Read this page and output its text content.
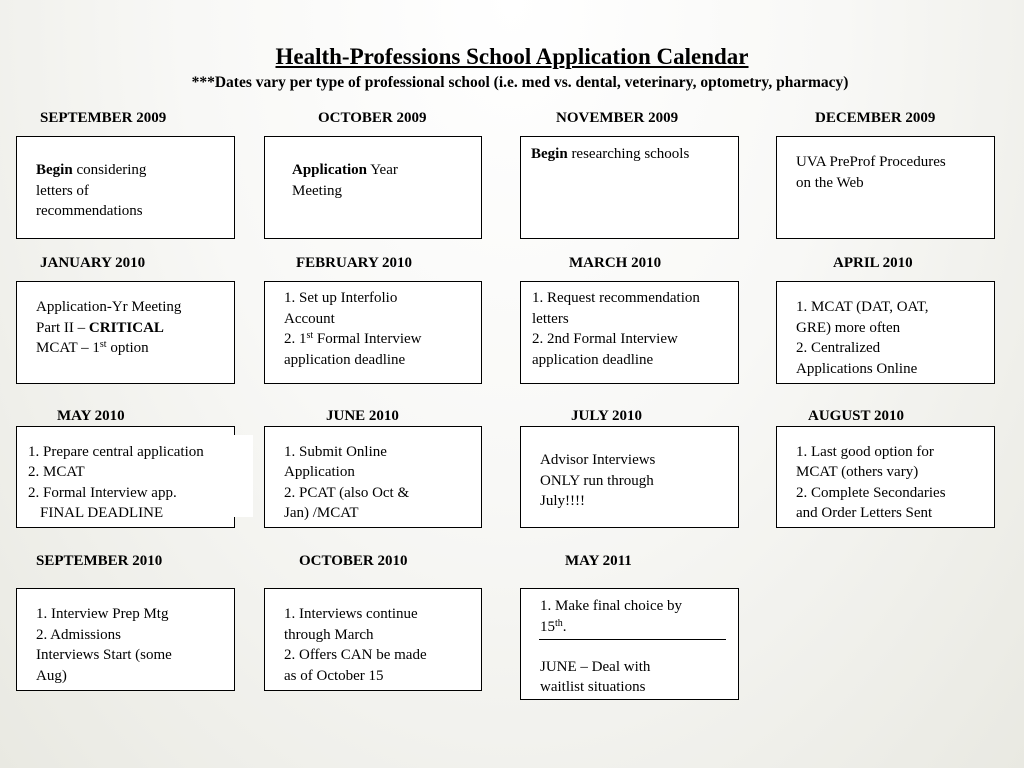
Health-Professions School Application Calendar
***Dates vary per type of professional school (i.e. med vs. dental, veterinary, optometry, pharmacy)
SEPTEMBER 2009	OCTOBER 2009	NOVEMBER 2009	DECEMBER 2009
Begin considering
letters of
recommendations
Application Year
Meeting
Begin researching schools	UVA PreProf Procedures
on the Web
JANUARY 2010	FEBRUARY 2010	MARCH 2010	APRIL 2010
Application-Yr Meeting
Part II – CRITICAL
MCAT – 1st option
1. Set up Interfolio
Account
2. 1st Formal Interview
application deadline
1. Request recommendation
letters
2. 2nd Formal Interview
application deadline
1. MCAT (DAT, OAT,
GRE) more often
2. Centralized
Applications Online
MAY 2010	JUNE 2010	JULY 2010	AUGUST 2010
1. Prepare central application
2. MCAT
2. Formal Interview app.
FINAL DEADLINE
1. Submit Online
Application
2. PCAT (also Oct &
Jan) /MCAT
Advisor Interviews
ONLY run through
July!!!!
1. Last good option for
MCAT (others vary)
2. Complete Secondaries
and Order Letters Sent
SEPTEMBER 2010	OCTOBER 2010	MAY 2011
1. Interview Prep Mtg
2. Admissions
Interviews Start (some
Aug)
1. Interviews continue
through March
2. Offers CAN be made
as of October 15
1. Make final choice by
15th.
JUNE – Deal with
waitlist situations
